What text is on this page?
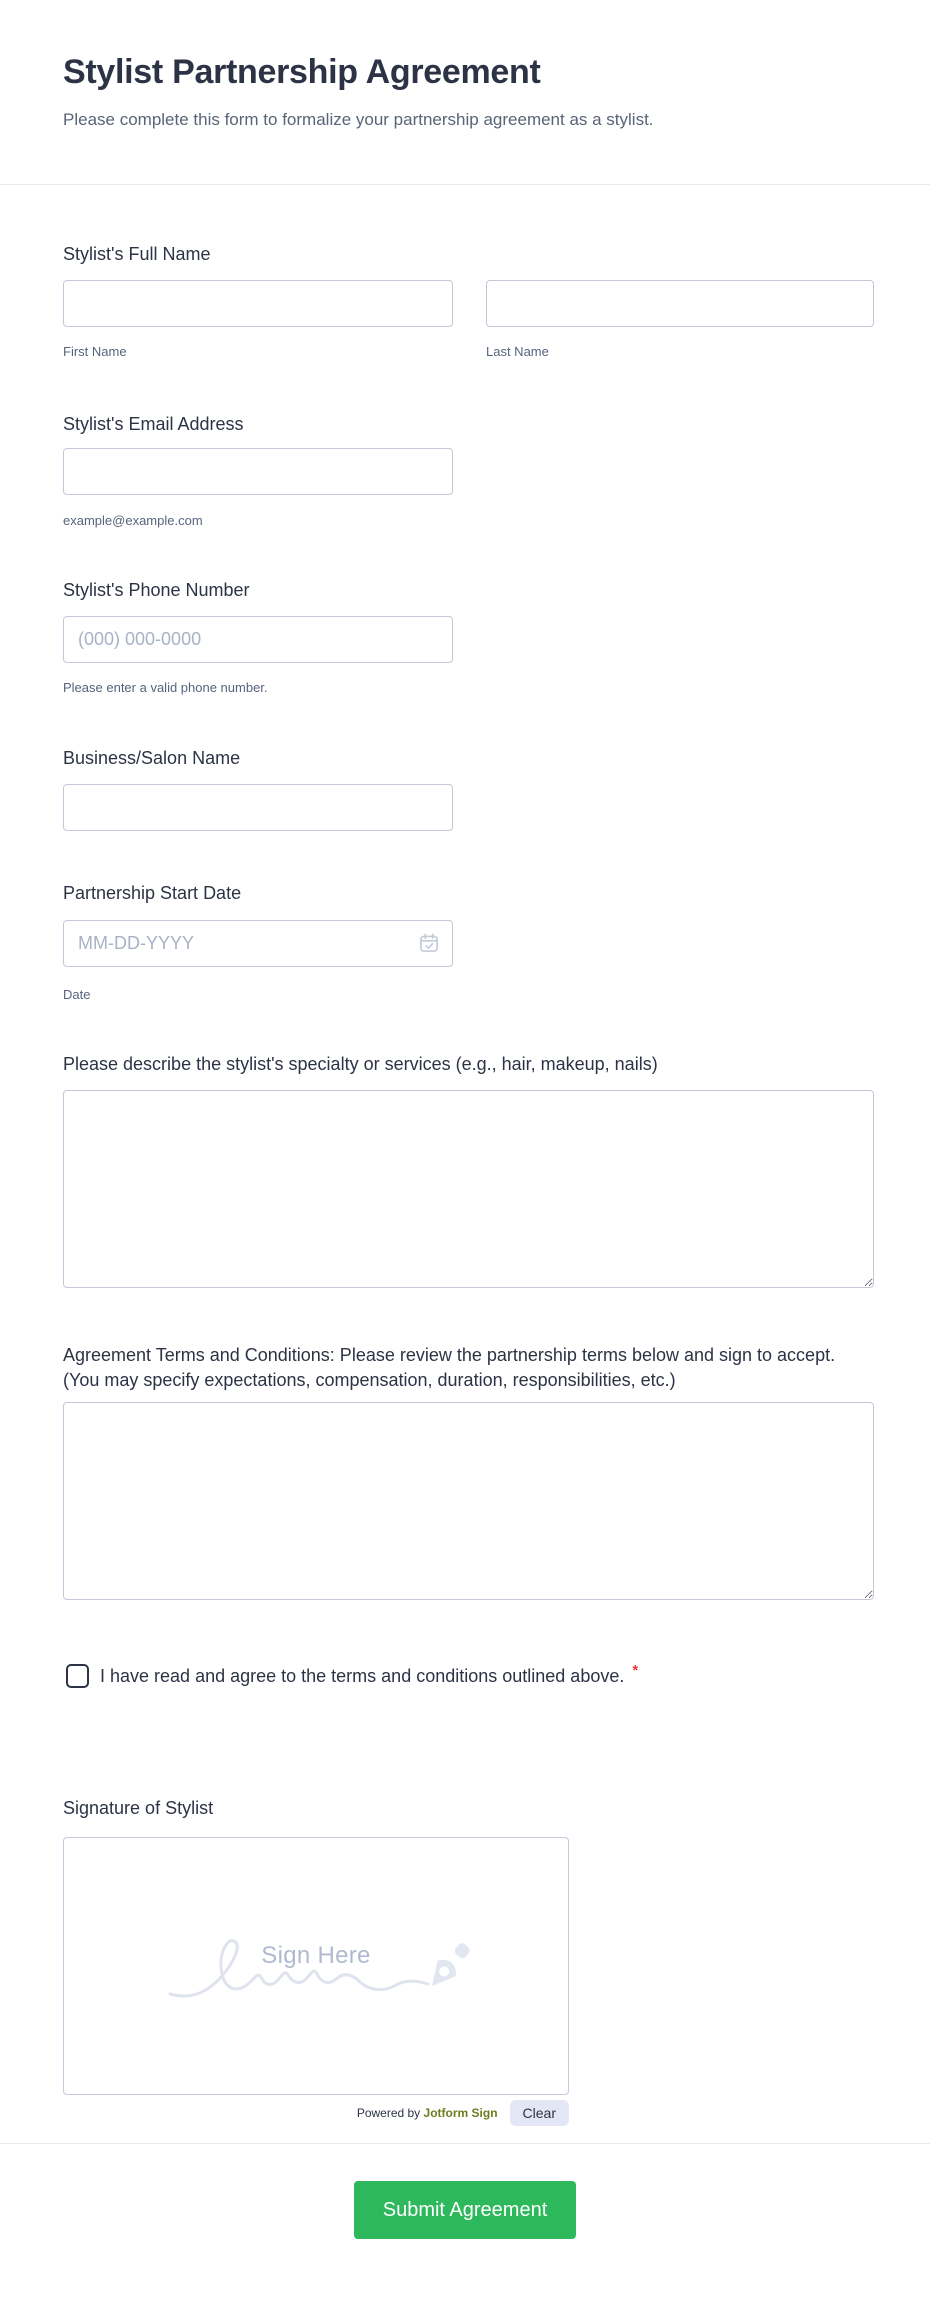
Stylist Partnership Agreement
Please complete this form to formalize your partnership agreement as a stylist.
Stylist's Full Name
First Name	Last Name
Stylist's Email Address
example@example.com
Stylist's Phone Number
(000) 000-0000
Please enter a valid phone number.
Business/Salon Name
Partnership Start Date
MM-DD-YYYY
Date
Please describe the stylist's specialty or services (e.g., hair, makeup, nails)
Agreement Terms and Conditions: Please review the partnership terms below and sign to accept. (You may specify expectations, compensation, duration, responsibilities, etc.)
I have read and agree to the terms and conditions outlined above. *
Signature of Stylist
Sign Here
Powered by Jotform Sign	Clear
Submit Agreement
